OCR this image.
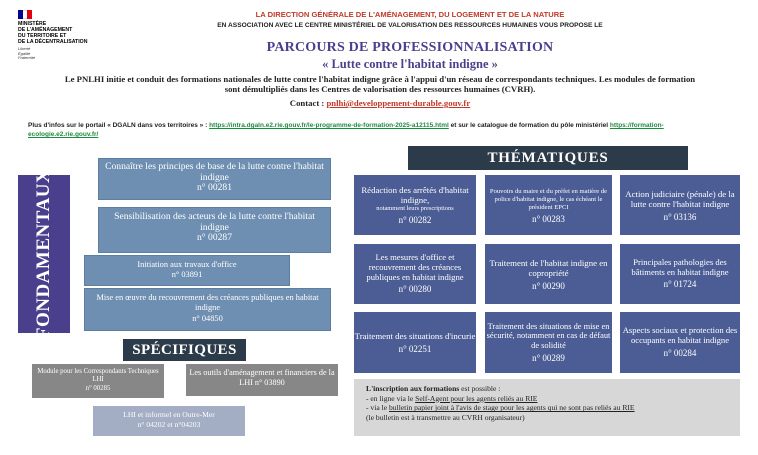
MINISTÈRE
DE L'AMÉNAGEMENT
DU TERRITOIRE ET
DE LA DÉCENTRALISATION
Liberté
Égalité
Fraternité
LA DIRECTION GÉNÉRALE DE L'AMÉNAGEMENT, DU LOGEMENT ET DE LA NATURE
EN ASSOCIATION AVEC LE CENTRE MINISTÉRIEL DE VALORISATION DES RESSOURCES HUMAINES VOUS PROPOSE LE
PARCOURS DE PROFESSIONNALISATION
« Lutte contre l'habitat indigne »
Le PNLHI initie et conduit des formations nationales de lutte contre l'habitat indigne grâce à l'appui d'un réseau de correspondants techniques. Les modules de formation sont démultipliés dans les Centres de valorisation des ressources humaines (CVRH).
Contact : pnlhi@developpement-durable.gouv.fr
Plus d'infos sur le portail « DGALN dans vos territoires » : https://intra.dgaln.e2.rie.gouv.fr/le-programme-de-formation-2025-a12115.html et sur le catalogue de formation du pôle ministériel https://formation-ecologie.e2.rie.gouv.fr/
FONDAMENTAUX
Connaître les principes de base de la lutte contre l'habitat indigne
n° 00281
Sensibilisation des acteurs de la lutte contre l'habitat indigne
n° 00287
Initiation aux travaux d'office
n° 03891
Mise en œuvre du recouvrement des créances publiques en habitat indigne
n° 04850
SPÉCIFIQUES
Module pour les Correspondants Techniques LHI
n° 00285
Les outils d'aménagement et financiers de la LHI n° 03890
LHI et informel en Outre-Mer
n° 04202 et n°04203
THÉMATIQUES
Rédaction des arrêtés d'habitat indigne,
notamment leurs prescriptions
n° 00282
Pouvoirs du maire et du préfet en matière de police d'habitat indigne, le cas échéant le président EPCI
n° 00283
Action judiciaire (pénale) de la lutte contre l'habitat indigne
n° 03136
Les mesures d'office et recouvrement des créances publiques en habitat indigne
n° 00280
Traitement de l'habitat indigne en copropriété
n° 00290
Principales pathologies des bâtiments en habitat indigne
n° 01724
Traitement des situations d'incurie
n° 02251
Traitement des situations de mise en sécurité, notamment en cas de défaut de solidité
n° 00289
Aspects sociaux et protection des occupants en habitat indigne
n° 00284
L'inscription aux formations est possible :
- en ligne via le Self-Agent pour les agents reliés au RIE
- via le bulletin papier joint à l'avis de stage pour les agents qui ne sont pas reliés au RIE
(le bulletin est à transmettre au CVRH organisateur)
